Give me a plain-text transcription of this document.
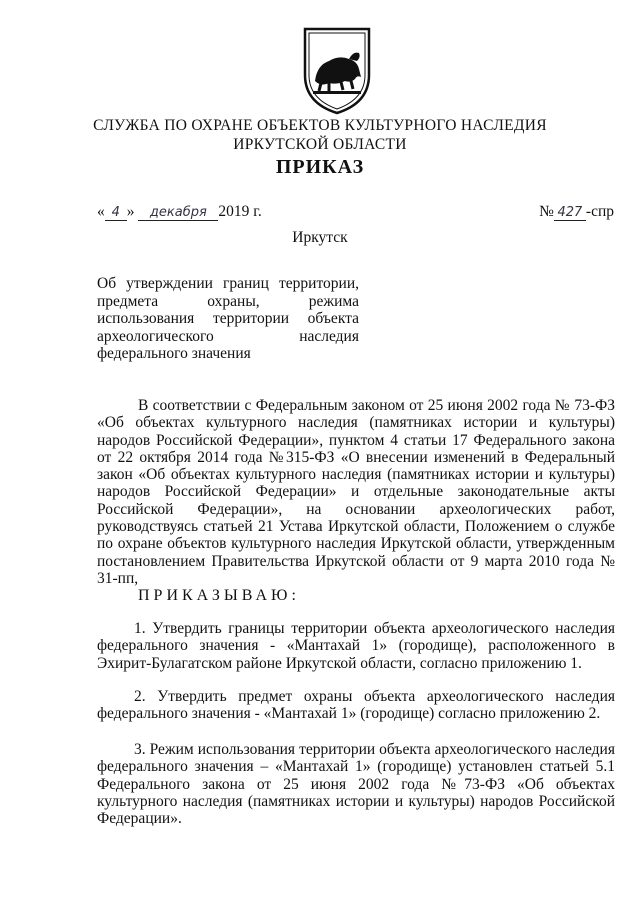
СЛУЖБА ПО ОХРАНЕ ОБЪЕКТОВ КУЛЬТУРНОГО НАСЛЕДИЯ
ИРКУТСКОЙ ОБЛАСТИ
ПРИКАЗ
« 4 » декабря 2019 г.	№ 427 -спр
Иркутск
Об утверждении границ территории,
предмета охраны, режима
использования территории объекта
археологического наследия
федерального значения
В соответствии с Федеральным законом от 25 июня 2002 года № 73-ФЗ «Об объектах культурного наследия (памятниках истории и культуры) народов Российской Федерации», пунктом 4 статьи 17 Федерального закона от 22 октября 2014 года №315-ФЗ «О внесении изменений в Федеральный закон «Об объектах культурного наследия (памятниках истории и культуры) народов Российской Федерации» и отдельные законодательные акты Российской Федерации», на основании археологических работ, руководствуясь статьей 21 Устава Иркутской области, Положением о службе по охране объектов культурного наследия Иркутской области, утвержденным постановлением Правительства Иркутской области от 9 марта 2010 года № 31-пп,
ПРИКАЗЫВАЮ:
1. Утвердить границы территории объекта археологического наследия федерального значения - «Мантахай 1» (городище), расположенного в Эхирит-Булагатском районе Иркутской области, согласно приложению 1.
2. Утвердить предмет охраны объекта археологического наследия федерального значения - «Мантахай 1» (городище) согласно приложению 2.
3. Режим использования территории объекта археологического наследия федерального значения – «Мантахай 1» (городище) установлен статьей 5.1 Федерального закона от 25 июня 2002 года №73-ФЗ «Об объектах культурного наследия (памятниках истории и культуры) народов Российской Федерации».
